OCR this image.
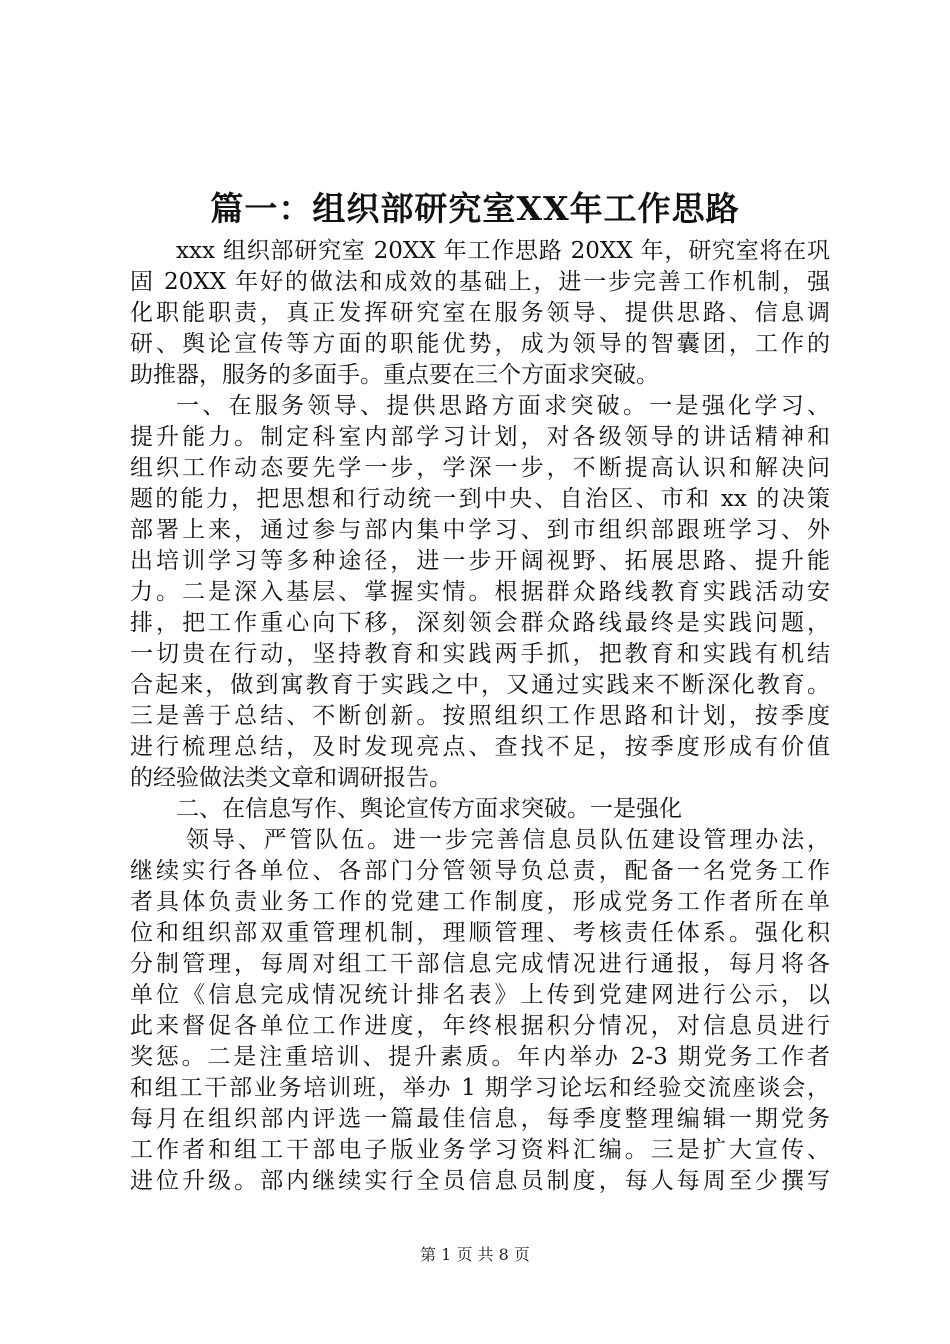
篇一：组织部研究室XX年工作思路
xxx 组织部研究室 20XX 年工作思路 20XX 年，研究室将在巩
固 20XX 年好的做法和成效的基础上，进一步完善工作机制，强
化职能职责，真正发挥研究室在服务领导、提供思路、信息调
研、舆论宣传等方面的职能优势，成为领导的智囊团，工作的
助推器，服务的多面手。重点要在三个方面求突破。
一、在服务领导、提供思路方面求突破。一是强化学习、
提升能力。制定科室内部学习计划，对各级领导的讲话精神和
组织工作动态要先学一步，学深一步，不断提高认识和解决问
题的能力，把思想和行动统一到中央、自治区、市和 xx 的决策
部署上来，通过参与部内集中学习、到市组织部跟班学习、外
出培训学习等多种途径，进一步开阔视野、拓展思路、提升能
力。二是深入基层、掌握实情。根据群众路线教育实践活动安
排，把工作重心向下移，深刻领会群众路线最终是实践问题，
一切贵在行动，坚持教育和实践两手抓，把教育和实践有机结
合起来，做到寓教育于实践之中，又通过实践来不断深化教育。
三是善于总结、不断创新。按照组织工作思路和计划，按季度
进行梳理总结，及时发现亮点、查找不足，按季度形成有价值
的经验做法类文章和调研报告。
二、在信息写作、舆论宣传方面求突破。一是强化
领导、严管队伍。进一步完善信息员队伍建设管理办法，
继续实行各单位、各部门分管领导负总责，配备一名党务工作
者具体负责业务工作的党建工作制度，形成党务工作者所在单
位和组织部双重管理机制，理顺管理、考核责任体系。强化积
分制管理，每周对组工干部信息完成情况进行通报，每月将各
单位《信息完成情况统计排名表》上传到党建网进行公示，以
此来督促各单位工作进度，年终根据积分情况，对信息员进行
奖惩。二是注重培训、提升素质。年内举办 2-3 期党务工作者
和组工干部业务培训班，举办 1 期学习论坛和经验交流座谈会，
每月在组织部内评选一篇最佳信息，每季度整理编辑一期党务
工作者和组工干部电子版业务学习资料汇编。三是扩大宣传、
进位升级。部内继续实行全员信息员制度，每人每周至少撰写
第 1 页 共 8 页
